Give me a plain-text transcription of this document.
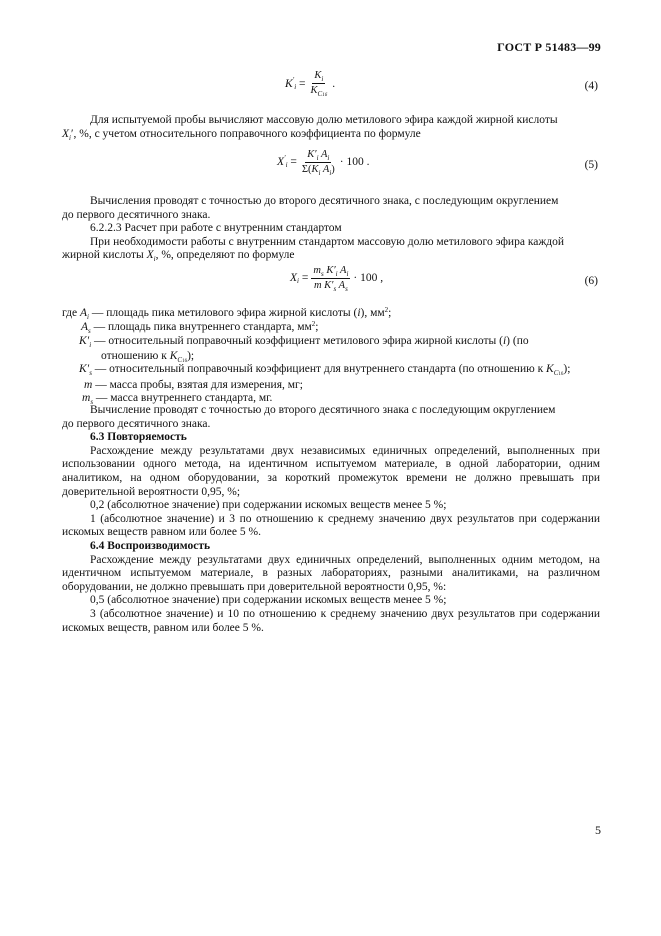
ГОСТ Р 51483—99
K ′
$i = \frac{K_i}{K_{C16}}$ .	(4)

Для испытуемой пробы вычисляют массовую долю метилового эфира каждой жирной кислоты

$X_i'$, %, с учетом относительного поправочного коэффициента по формуле

X ′
$i = \frac{K'_i A_i}{\Sigma(K_i A_i)} \cdot 100$ .	(5)

Вычисления проводят с точностью до второго десятичного знака, с последующим округлением

до первого десятичного знака.

6.2.2.3 Расчет при работе с внутренним стандартом

При необходимости работы с внутренним стандартом массовую долю метилового эфира каждой

жирной кислоты $X_i$, %, определяют по формуле

X $i = \frac{m_s K'_i A_i}{m K'_s A_s} \cdot 100$ ,	(6)
где $A_i$ — площадь пика метилового эфира жирной кислоты (i), $мм^2$;
$A_s$ — площадь пика внутреннего стандарта, $мм^2$;
$K'_i$ — относительный поправочный коэффициент метилового эфира жирной кислоты (i) (по
отношению к $K_{C16}$);
$K'_s$ — относительный поправочный коэффициент для внутреннего стандарта (по отношению к $K_{C16}$);
m — масса пробы, взятая для измерения, мг;
$m_s$ — масса внутреннего стандарта, мг.

Вычисление проводят с точностью до второго десятичного знака с последующим округлением

до первого десятичного знака.

6.3 Повторяемость

Расхождение между результатами двух независимых единичных определений, выполненных при использовании одного метода, на идентичном испытуемом материале, в одной лаборатории, одним аналитиком, на одном оборудовании, за короткий промежуток времени не должно превышать при доверительной вероятности 0,95, %;

0,2 (абсолютное значение) при содержании искомых веществ менее 5 %;

1 (абсолютное значение) и 3 по отношению к среднему значению двух результатов при содержании искомых веществ равном или более 5 %.

6.4 Воспроизводимость

Расхождение между результатами двух единичных определений, выполненных одним методом, на идентичном испытуемом материале, в разных лабораториях, разными аналитиками, на различном оборудовании, не должно превышать при доверительной вероятности 0,95, %:

0,5 (абсолютное значение) при содержании искомых веществ менее 5 %;

3 (абсолютное значение) и 10 по отношению к среднему значению двух результатов при содержании искомых веществ, равном или более 5 %.

5
